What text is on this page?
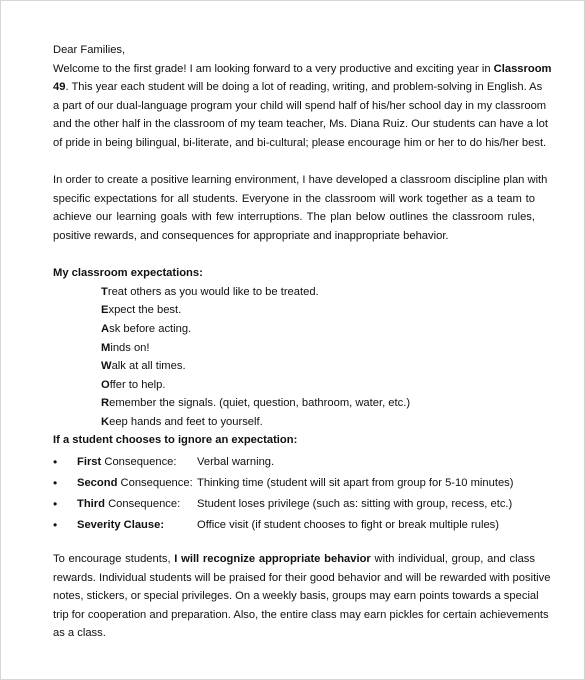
Dear Families,
Welcome to the first grade! I am looking forward to a very productive and exciting year in Classroom
49. This year each student will be doing a lot of reading, writing, and problem-solving in English. As
a part of our dual-language program your child will spend half of his/her school day in my classroom
and the other half in the classroom of my team teacher, Ms. Diana Ruiz. Our students can have a lot
of pride in being bilingual, bi-literate, and bi-cultural; please encourage him or her to do his/her best.
In order to create a positive learning environment, I have developed a classroom discipline plan with
specific expectations for all students. Everyone in the classroom will work together as a team to
achieve our learning goals with few interruptions. The plan below outlines the classroom rules,
positive rewards, and consequences for appropriate and inappropriate behavior.
My classroom expectations:
Treat others as you would like to be treated.
Expect the best.
Ask before acting.
Minds on!
Walk at all times.
Offer to help.
Remember the signals. (quiet, question, bathroom, water, etc.)
Keep hands and feet to yourself.
If a student chooses to ignore an expectation:
• First Consequence: Verbal warning.
• Second Consequence: Thinking time (student will sit apart from group for 5-10 minutes)
• Third Consequence: Student loses privilege (such as: sitting with group, recess, etc.)
• Severity Clause:	Office visit (if student chooses to fight or break multiple rules)
To encourage students, I will recognize appropriate behavior with individual, group, and class
rewards. Individual students will be praised for their good behavior and will be rewarded with positive
notes, stickers, or special privileges. On a weekly basis, groups may earn points towards a special
trip for cooperation and preparation. Also, the entire class may earn pickles for certain achievements
as a class.
